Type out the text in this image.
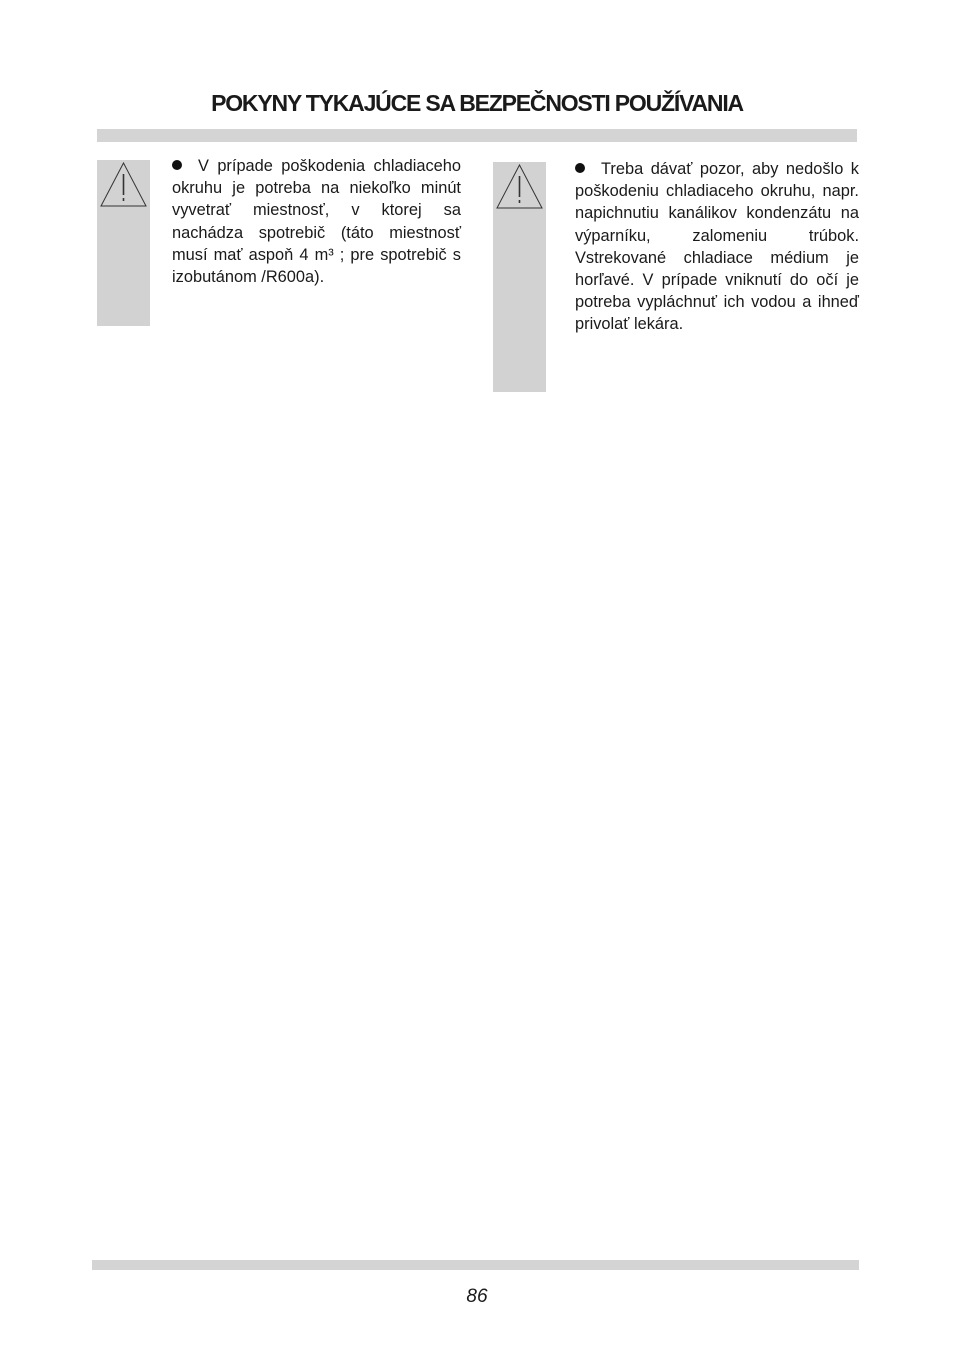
POKYNY TYKAJÚCE SA BEZPEČNOSTI POUŽÍVANIA

V prípade poškodenia chladiaceho okruhu je potreba na niekoľko minút vyvetrať miestnosť, v ktorej sa nachádza spotrebič (táto miestnosť musí mať aspoň 4 m³ ; pre spotrebič s izobutánom /R600a).

Treba dávať pozor, aby nedošlo k poškodeniu chladiaceho okruhu, napr. napichnutiu kanálikov kondenzátu na výparníku, zalomeniu trúbok. Vstrekované chladiace médium je horľavé. V prípade vniknutí do očí je potreba vypláchnuť ich vodou a ihneď privolať lekára.

86
